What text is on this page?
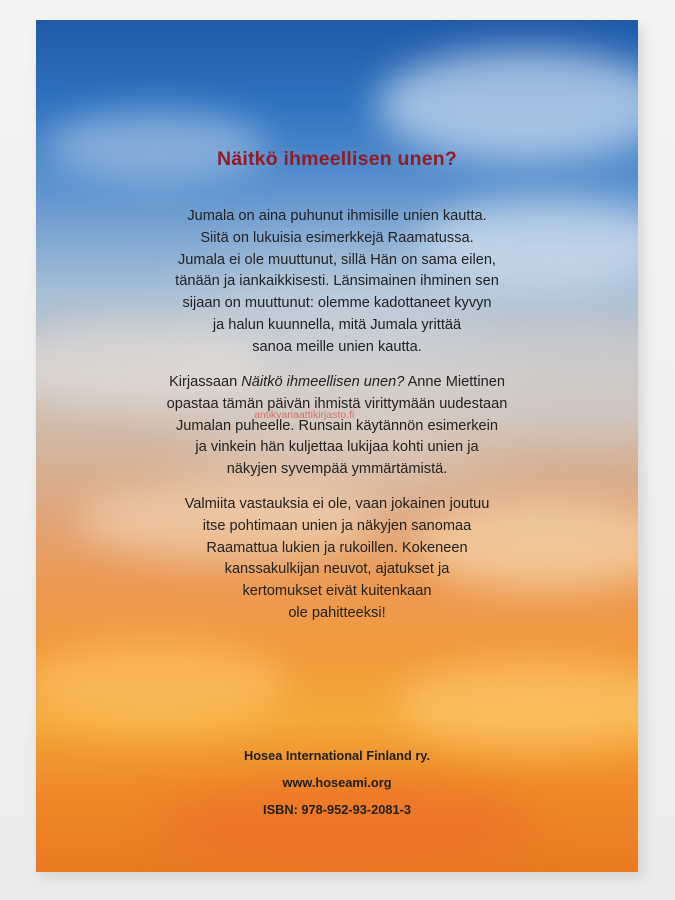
Näitkö ihmeellisen unen?

Jumala on aina puhunut ihmisille unien kautta.
Siitä on lukuisia esimerkkejä Raamatussa.
Jumala ei ole muuttunut, sillä Hän on sama eilen,
tänään ja iankaikkisesti. Länsimainen ihminen sen
sijaan on muuttunut: olemme kadottaneet kyvyn
ja halun kuunnella, mitä Jumala yrittää
sanoa meille unien kautta.

Kirjassaan Näitkö ihmeellisen unen? Anne Miettinen
opastaa tämän päivän ihmistä virittymään uudestaan
Jumalan puheelle. Runsain käytännön esimerkein
ja vinkein hän kuljettaa lukijaa kohti unien ja
näkyjen syvempää ymmärtämistä.

Valmiita vastauksia ei ole, vaan jokainen joutuu
itse pohtimaan unien ja näkyjen sanomaa
Raamattua lukien ja rukoillen. Kokeneen
kanssakulkijan neuvot, ajatukset ja
kertomukset eivät kuitenkaan
ole pahitteeksi!

Hosea International Finland ry.
www.hoseami.org
ISBN: 978-952-93-2081-3
antikvariaattikirjasto.fi
